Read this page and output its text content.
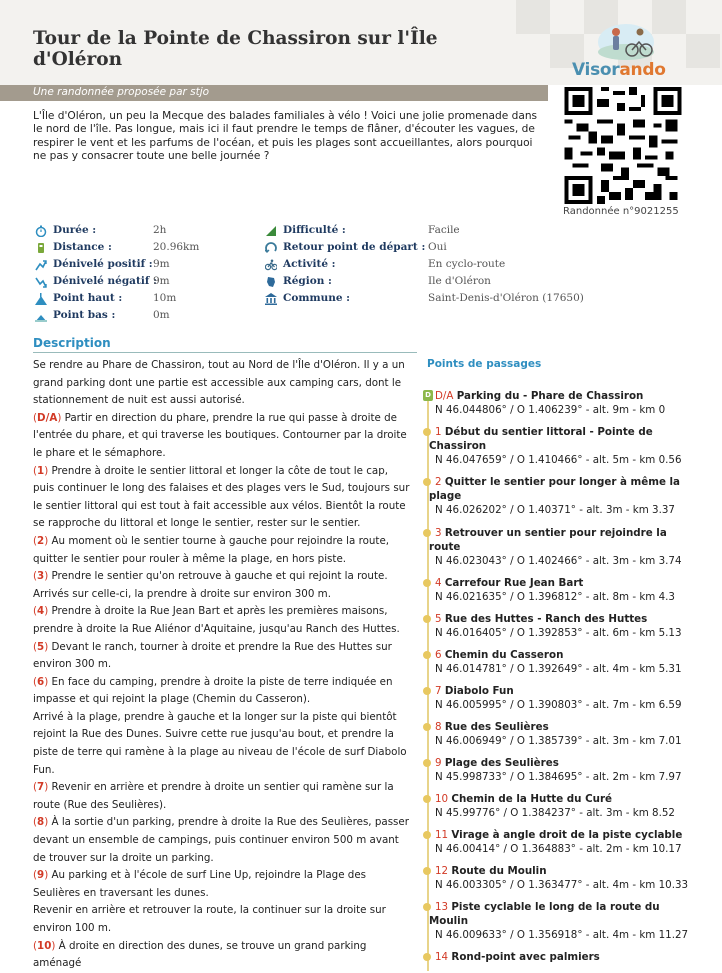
Tour de la Pointe de Chassiron sur l'Île d'Oléron
Une randonnée proposée par stjo
Visorando
Randonnée n°9021255

L'Île d'Oléron, un peu la Mecque des balades familiales à vélo ! Voici une jolie promenade dans le nord de l'île. Pas longue, mais ici il faut prendre le temps de flâner, d'écouter les vagues, de respirer le vent et les parfums de l'océan, et puis les plages sont accueillantes, alors pourquoi ne pas y consacrer toute une belle journée ?

Durée :	2h
Distance :	20.96km
Dénivelé positif : 9m
Dénivelé négatif :
9m
Point haut :	10m
Point bas :	0m
Difficulté :	Facile
Retour point de départ : Oui
Activité :	En cyclo-route
Région :	Ile d'Oléron
Commune :	Saint-Denis-d'Oléron (17650)
Description

Se rendre au Phare de Chassiron, tout au Nord de l'Île d'Oléron. Il y a un grand parking dont une partie est accessible aux camping cars, dont le stationnement de nuit est aussi autorisé.

(D/A) Partir en direction du phare, prendre la rue qui passe à droite de l'entrée du phare, et qui traverse les boutiques. Contourner par la droite le phare et le sémaphore.

(1) Prendre à droite le sentier littoral et longer la côte de tout le cap, puis continuer le long des falaises et des plages vers le Sud, toujours sur le sentier littoral qui est tout à fait accessible aux vélos. Bientôt la route se rapproche du littoral et longe le sentier, rester sur le sentier.

(2) Au moment où le sentier tourne à gauche pour rejoindre la route, quitter le sentier pour rouler à même la plage, en hors piste.

(3) Prendre le sentier qu'on retrouve à gauche et qui rejoint la route. Arrivés sur celle-ci, la prendre à droite sur environ 300 m.

(4) Prendre à droite la Rue Jean Bart et après les premières maisons, prendre à droite la Rue Aliénor d'Aquitaine, jusqu'au Ranch des Huttes.

(5) Devant le ranch, tourner à droite et prendre la Rue des Huttes sur environ 300 m.

(6) En face du camping, prendre à droite la piste de terre indiquée en impasse et qui rejoint la plage (Chemin du Casseron).

Arrivé à la plage, prendre à gauche et la longer sur la piste qui bientôt rejoint la Rue des Dunes. Suivre cette rue jusqu'au bout, et prendre la piste de terre qui ramène à la plage au niveau de l'école de surf Diabolo Fun.

(7) Revenir en arrière et prendre à droite un sentier qui ramène sur la route (Rue des Seulières).

(8) À la sortie d'un parking, prendre à droite la Rue des Seulières, passer devant un ensemble de campings, puis continuer environ 500 m avant de trouver sur la droite un parking.

(9) Au parking et à l'école de surf Line Up, rejoindre la Plage des Seulières en traversant les dunes.

Revenir en arrière et retrouver la route, la continuer sur la droite sur environ 100 m.

(10) À droite en direction des dunes, se trouve un grand parking aménagé

Points de passages
D D/A Parking du - Phare de Chassiron
N 46.044806° / O 1.406239° - alt. 9m - km 0
1 Début du sentier littoral - Pointe de Chassiron
N 46.047659° / O 1.410466° - alt. 5m - km 0.56
2 Quitter le sentier pour longer à même la plage
N 46.026202° / O 1.40371° - alt. 3m - km 3.37
3 Retrouver un sentier pour rejoindre la route
N 46.023043° / O 1.402466° - alt. 3m - km 3.74
4 Carrefour Rue Jean Bart
N 46.021635° / O 1.396812° - alt. 8m - km 4.3
5 Rue des Huttes - Ranch des Huttes
N 46.016405° / O 1.392853° - alt. 6m - km 5.13
6 Chemin du Casseron
N 46.014781° / O 1.392649° - alt. 4m - km 5.31
7 Diabolo Fun
N 46.005995° / O 1.390803° - alt. 7m - km 6.59
8 Rue des Seulières
N 46.006949° / O 1.385739° - alt. 3m - km 7.01
9 Plage des Seulières
N 45.998733° / O 1.384695° - alt. 2m - km 7.97
10 Chemin de la Hutte du Curé
N 45.99776° / O 1.384237° - alt. 3m - km 8.52
11 Virage à angle droit de la piste cyclable
N 46.00414° / O 1.364883° - alt. 2m - km 10.17
12 Route du Moulin
N 46.003305° / O 1.363477° - alt. 4m - km 10.33
13 Piste cyclable le long de la route du Moulin
N 46.009633° / O 1.356918° - alt. 4m - km 11.27
14 Rond-point avec palmiers
